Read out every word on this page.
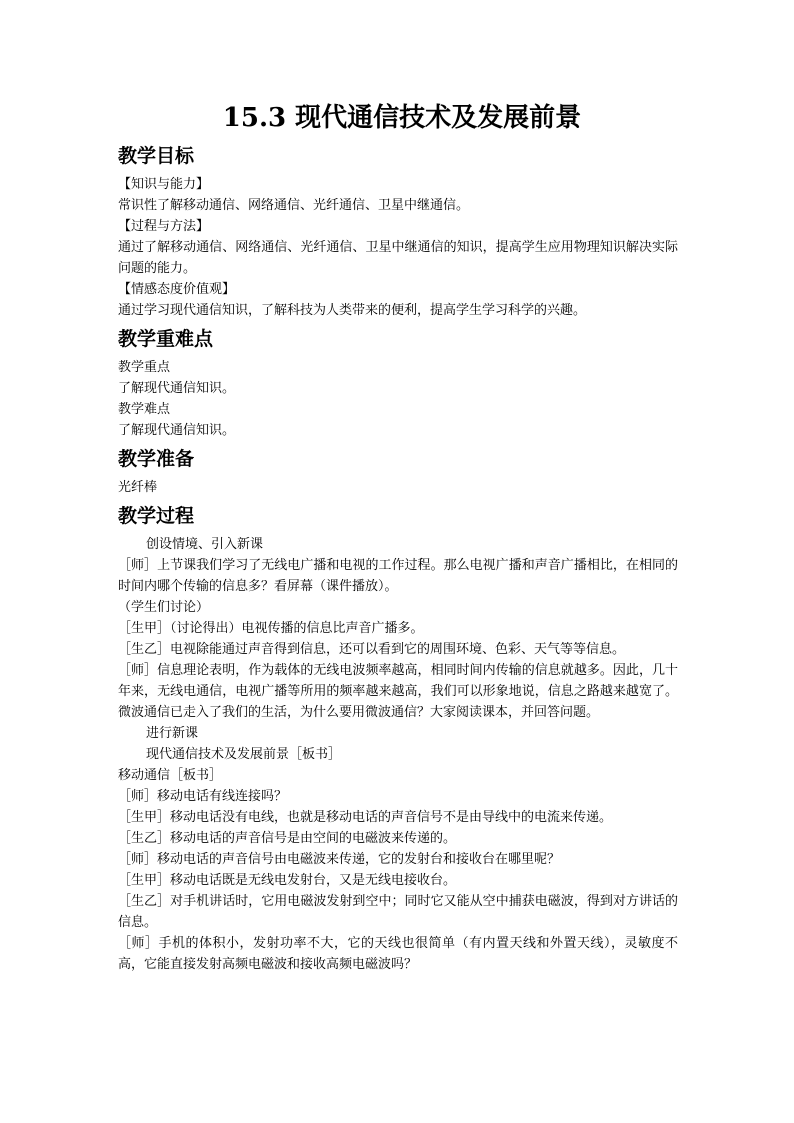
15.3 现代通信技术及发展前景
教学目标

【知识与能力】

常识性了解移动通信、网络通信、光纤通信、卫星中继通信。

【过程与方法】

通过了解移动通信、网络通信、光纤通信、卫星中继通信的知识，提高学生应用物理知识解决实际问题的能力。

【情感态度价值观】

通过学习现代通信知识，了解科技为人类带来的便利，提高学生学习科学的兴趣。

教学重难点

教学重点

了解现代通信知识。

教学难点

了解现代通信知识。

教学准备

光纤棒

教学过程

创设情境、引入新课

［师］上节课我们学习了无线电广播和电视的工作过程。那么电视广播和声音广播相比，在相同的时间内哪个传输的信息多？看屏幕（课件播放）。

（学生们讨论）

［生甲］（讨论得出）电视传播的信息比声音广播多。

［生乙］电视除能通过声音得到信息，还可以看到它的周围环境、色彩、天气等等信息。

［师］信息理论表明，作为载体的无线电波频率越高，相同时间内传输的信息就越多。因此，几十年来，无线电通信，电视广播等所用的频率越来越高，我们可以形象地说，信息之路越来越宽了。微波通信已走入了我们的生活，为什么要用微波通信？大家阅读课本，并回答问题。

进行新课

现代通信技术及发展前景［板书］

移动通信［板书］

［师］移动电话有线连接吗？

［生甲］移动电话没有电线，也就是移动电话的声音信号不是由导线中的电流来传递。

［生乙］移动电话的声音信号是由空间的电磁波来传递的。

［师］移动电话的声音信号由电磁波来传递，它的发射台和接收台在哪里呢？

［生甲］移动电话既是无线电发射台，又是无线电接收台。

［生乙］对手机讲话时，它用电磁波发射到空中；同时它又能从空中捕获电磁波，得到对方讲话的信息。

［师］手机的体积小，发射功率不大，它的天线也很简单（有内置天线和外置天线），灵敏度不高，它能直接发射高频电磁波和接收高频电磁波吗？
